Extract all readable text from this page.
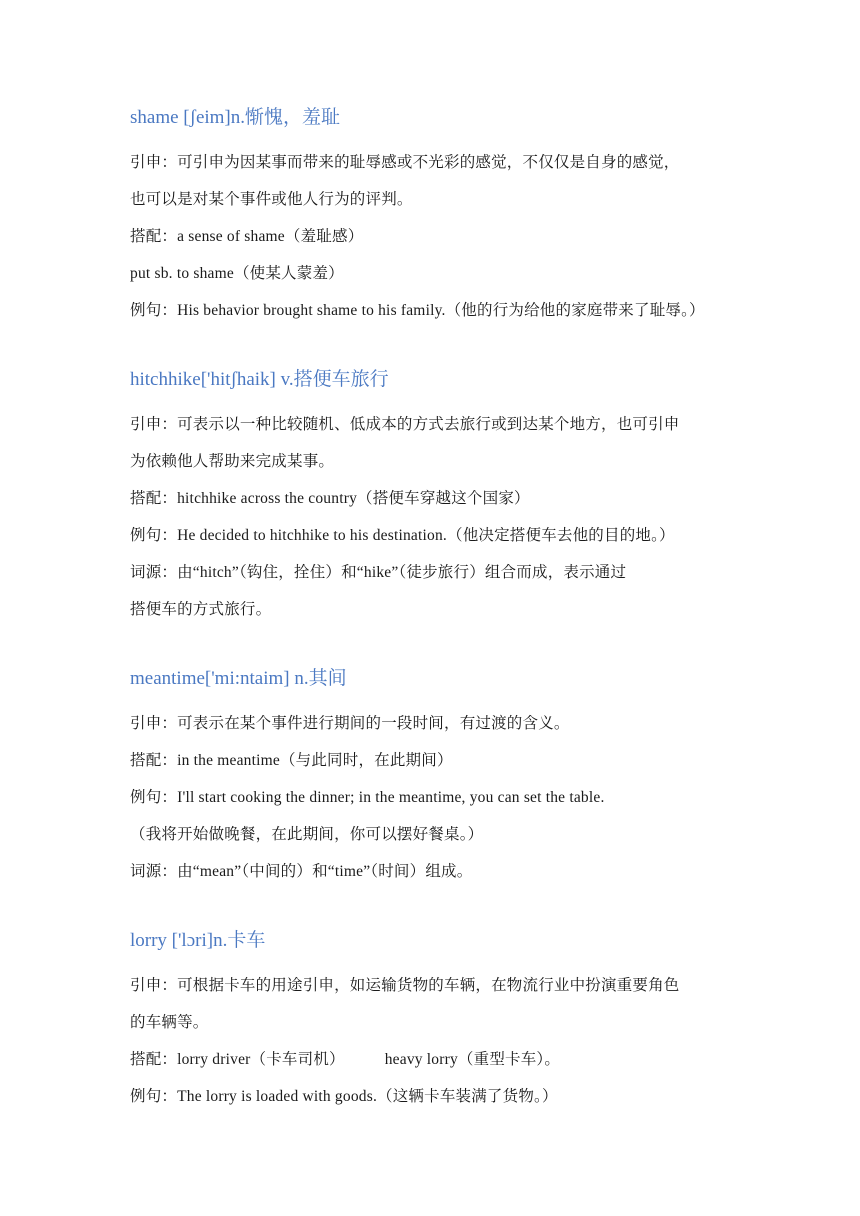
shame [ʃeim]n.惭愧，羞耻
引申：可引申为因某事而带来的耻辱感或不光彩的感觉，不仅仅是自身的感觉，
也可以是对某个事件或他人行为的评判。
搭配：a sense of shame（羞耻感）
put sb. to shame（使某人蒙羞）
例句：His behavior brought shame to his family.（他的行为给他的家庭带来了耻辱。）
hitchhike['hitʃhaik] v.搭便车旅行
引申：可表示以一种比较随机、低成本的方式去旅行或到达某个地方，也可引申
为依赖他人帮助来完成某事。
搭配：hitchhike across the country（搭便车穿越这个国家）
例句：He decided to hitchhike to his destination.（他决定搭便车去他的目的地。）
词源：由“hitch”（钩住，拴住）和“hike”（徒步旅行）组合而成，表示通过
搭便车的方式旅行。
meantime['mi:ntaim] n.其间
引申：可表示在某个事件进行期间的一段时间，有过渡的含义。
搭配：in the meantime（与此同时，在此期间）
例句：I'll start cooking the dinner; in the meantime, you can set the table.
（我将开始做晚餐，在此期间，你可以摆好餐桌。）
词源：由“mean”（中间的）和“time”（时间）组成。
lorry ['lɔri]n.卡车
引申：可根据卡车的用途引申，如运输货物的车辆，在物流行业中扮演重要角色
的车辆等。
搭配：lorry driver（卡车司机）	heavy lorry（重型卡车）。
例句：The lorry is loaded with goods.（这辆卡车装满了货物。）
